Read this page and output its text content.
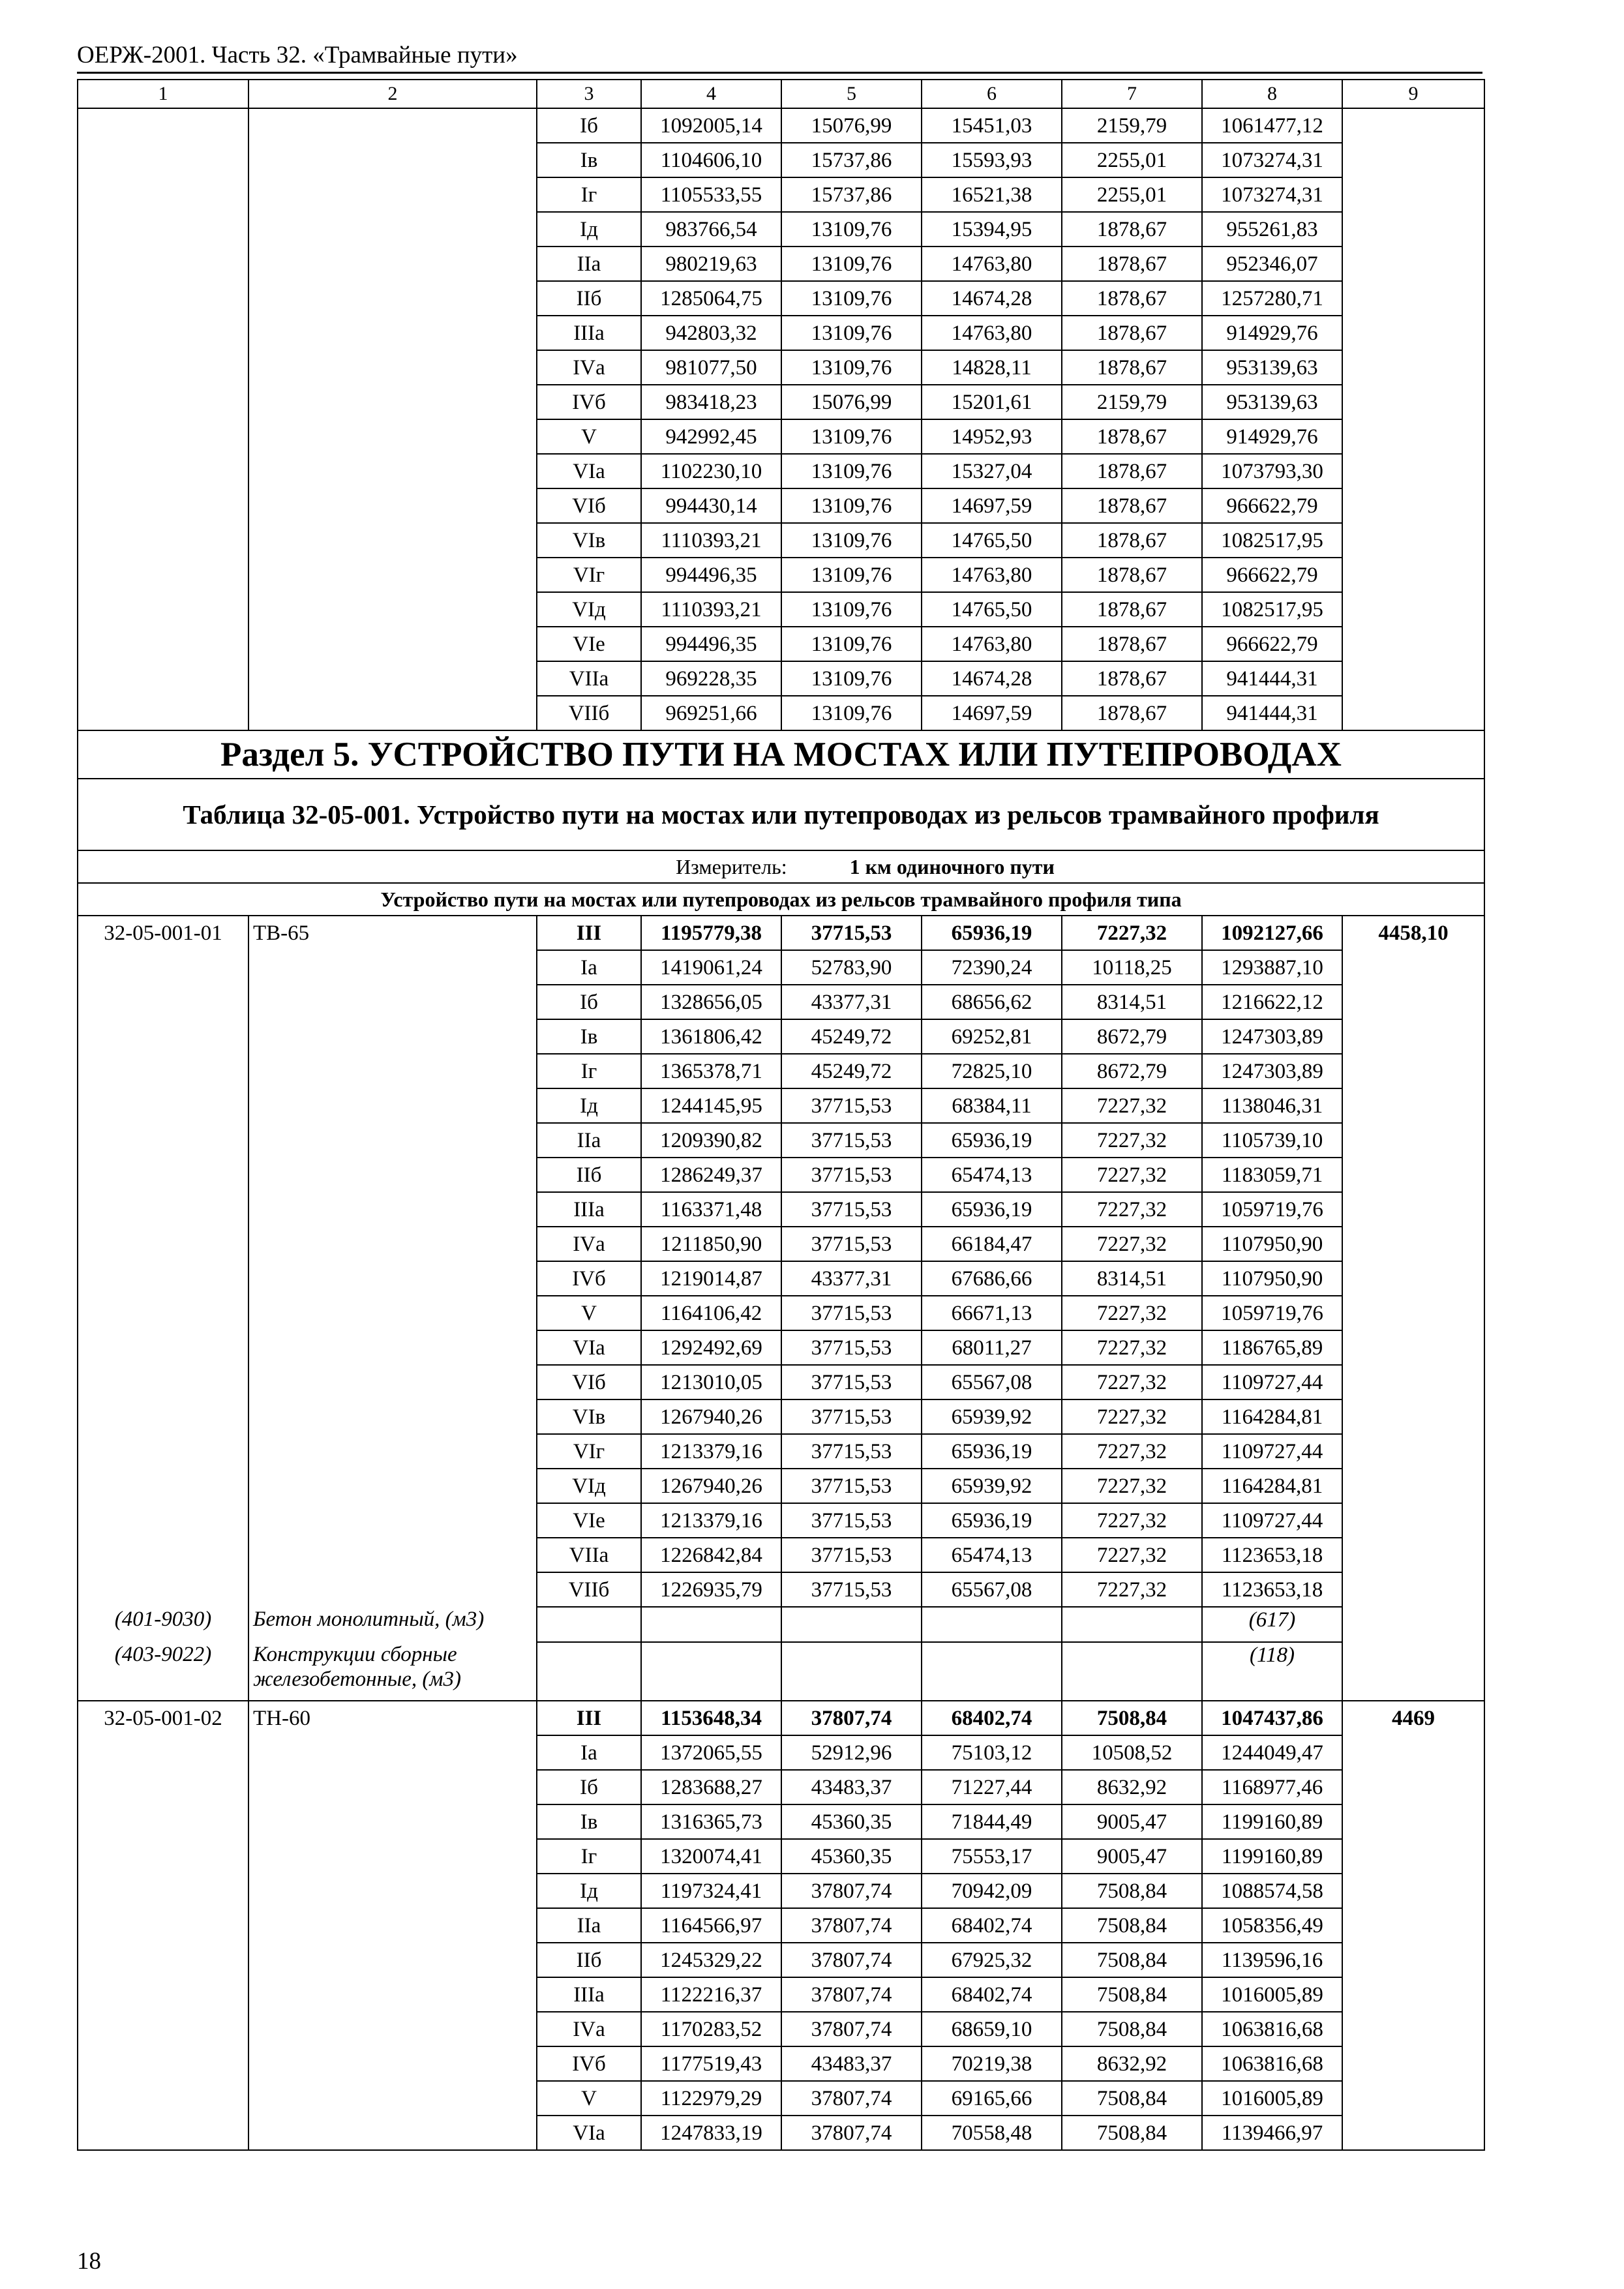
ОЕРЖ-2001. Часть 32. «Трамвайные пути»
1	2	3	4	5	6	7	8	9
		Iб	1092005,14	15076,99	15451,03	2159,79	1061477,12	
		Iв	1104606,10	15737,86	15593,93	2255,01	1073274,31	
		Iг	1105533,55	15737,86	16521,38	2255,01	1073274,31	
		Iд	983766,54	13109,76	15394,95	1878,67	955261,83	
		IIа	980219,63	13109,76	14763,80	1878,67	952346,07	
		IIб	1285064,75	13109,76	14674,28	1878,67	1257280,71	
		IIIа	942803,32	13109,76	14763,80	1878,67	914929,76	
		IVа	981077,50	13109,76	14828,11	1878,67	953139,63	
		IVб	983418,23	15076,99	15201,61	2159,79	953139,63	
		V	942992,45	13109,76	14952,93	1878,67	914929,76	
		VIа	1102230,10	13109,76	15327,04	1878,67	1073793,30	
		VIб	994430,14	13109,76	14697,59	1878,67	966622,79	
		VIв	1110393,21	13109,76	14765,50	1878,67	1082517,95	
		VIг	994496,35	13109,76	14763,80	1878,67	966622,79	
		VIд	1110393,21	13109,76	14765,50	1878,67	1082517,95	
		VIе	994496,35	13109,76	14763,80	1878,67	966622,79	
		VIIа	969228,35	13109,76	14674,28	1878,67	941444,31	
		VIIб	969251,66	13109,76	14697,59	1878,67	941444,31	
Раздел 5. УСТРОЙСТВО ПУТИ НА МОСТАХ ИЛИ ПУТЕПРОВОДАХ								
Таблица 32-05-001. Устройство пути на мостах или путепроводах из рельсов трамвайного профиля								
Измеритель: 1 км одиночного пути								
Устройство пути на мостах или путепроводах из рельсов трамвайного профиля типа								
32-05-001-01	ТВ-65	III	1195779,38	37715,53	65936,19	7227,32	1092127,66	4458,10
		Iа	1419061,24	52783,90	72390,24	10118,25	1293887,10	
		Iб	1328656,05	43377,31	68656,62	8314,51	1216622,12	
		Iв	1361806,42	45249,72	69252,81	8672,79	1247303,89	
		Iг	1365378,71	45249,72	72825,10	8672,79	1247303,89	
		Iд	1244145,95	37715,53	68384,11	7227,32	1138046,31	
		IIа	1209390,82	37715,53	65936,19	7227,32	1105739,10	
		IIб	1286249,37	37715,53	65474,13	7227,32	1183059,71	
		IIIа	1163371,48	37715,53	65936,19	7227,32	1059719,76	
		IVа	1211850,90	37715,53	66184,47	7227,32	1107950,90	
		IVб	1219014,87	43377,31	67686,66	8314,51	1107950,90	
		V	1164106,42	37715,53	66671,13	7227,32	1059719,76	
		VIа	1292492,69	37715,53	68011,27	7227,32	1186765,89	
		VIб	1213010,05	37715,53	65567,08	7227,32	1109727,44	
		VIв	1267940,26	37715,53	65939,92	7227,32	1164284,81	
		VIг	1213379,16	37715,53	65936,19	7227,32	1109727,44	
		VIд	1267940,26	37715,53	65939,92	7227,32	1164284,81	
		VIе	1213379,16	37715,53	65936,19	7227,32	1109727,44	
		VIIа	1226842,84	37715,53	65474,13	7227,32	1123653,18	
		VIIб	1226935,79	37715,53	65567,08	7227,32	1123653,18	
(401-9030)	Бетон монолитный, (м3)						(617)	
(403-9022)	Конструкции сборные железобетонные, (м3)						(118)	
32-05-001-02	ТН-60	III	1153648,34	37807,74	68402,74	7508,84	1047437,86	4469
		Iа	1372065,55	52912,96	75103,12	10508,52	1244049,47	
		Iб	1283688,27	43483,37	71227,44	8632,92	1168977,46	
		Iв	1316365,73	45360,35	71844,49	9005,47	1199160,89	
		Iг	1320074,41	45360,35	75553,17	9005,47	1199160,89	
		Iд	1197324,41	37807,74	70942,09	7508,84	1088574,58	
		IIа	1164566,97	37807,74	68402,74	7508,84	1058356,49	
		IIб	1245329,22	37807,74	67925,32	7508,84	1139596,16	
		IIIа	1122216,37	37807,74	68402,74	7508,84	1016005,89	
		IVа	1170283,52	37807,74	68659,10	7508,84	1063816,68	
		IVб	1177519,43	43483,37	70219,38	8632,92	1063816,68	
		V	1122979,29	37807,74	69165,66	7508,84	1016005,89	
		VIа	1247833,19	37807,74	70558,48	7508,84	1139466,97	
18
